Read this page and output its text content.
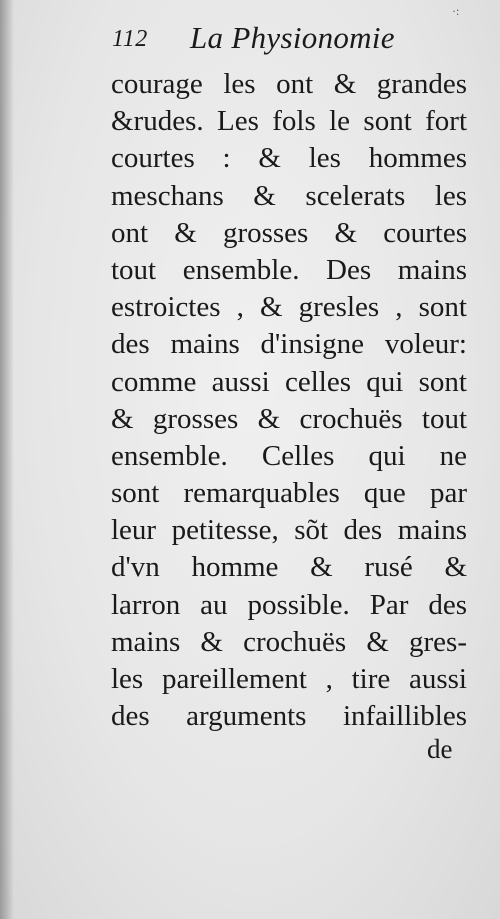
·:
112 La Physionomie
courage les ont & grandes
&rudes. Les fols le sont fort
courtes : & les hommes
meschans & scelerats les
ont & grosses & courtes
tout ensemble. Des mains
estroictes , & gresles , sont
des mains d'insigne voleur:
comme aussi celles qui sont
& grosses & crochuës tout
ensemble. Celles qui ne
sont remarquables que par
leur petitesse, sõt des mains
d'vn homme & rusé &
larron au possible. Par des
mains & crochuës & gres-
les pareillement , tire aussi
des arguments infaillibles
de
